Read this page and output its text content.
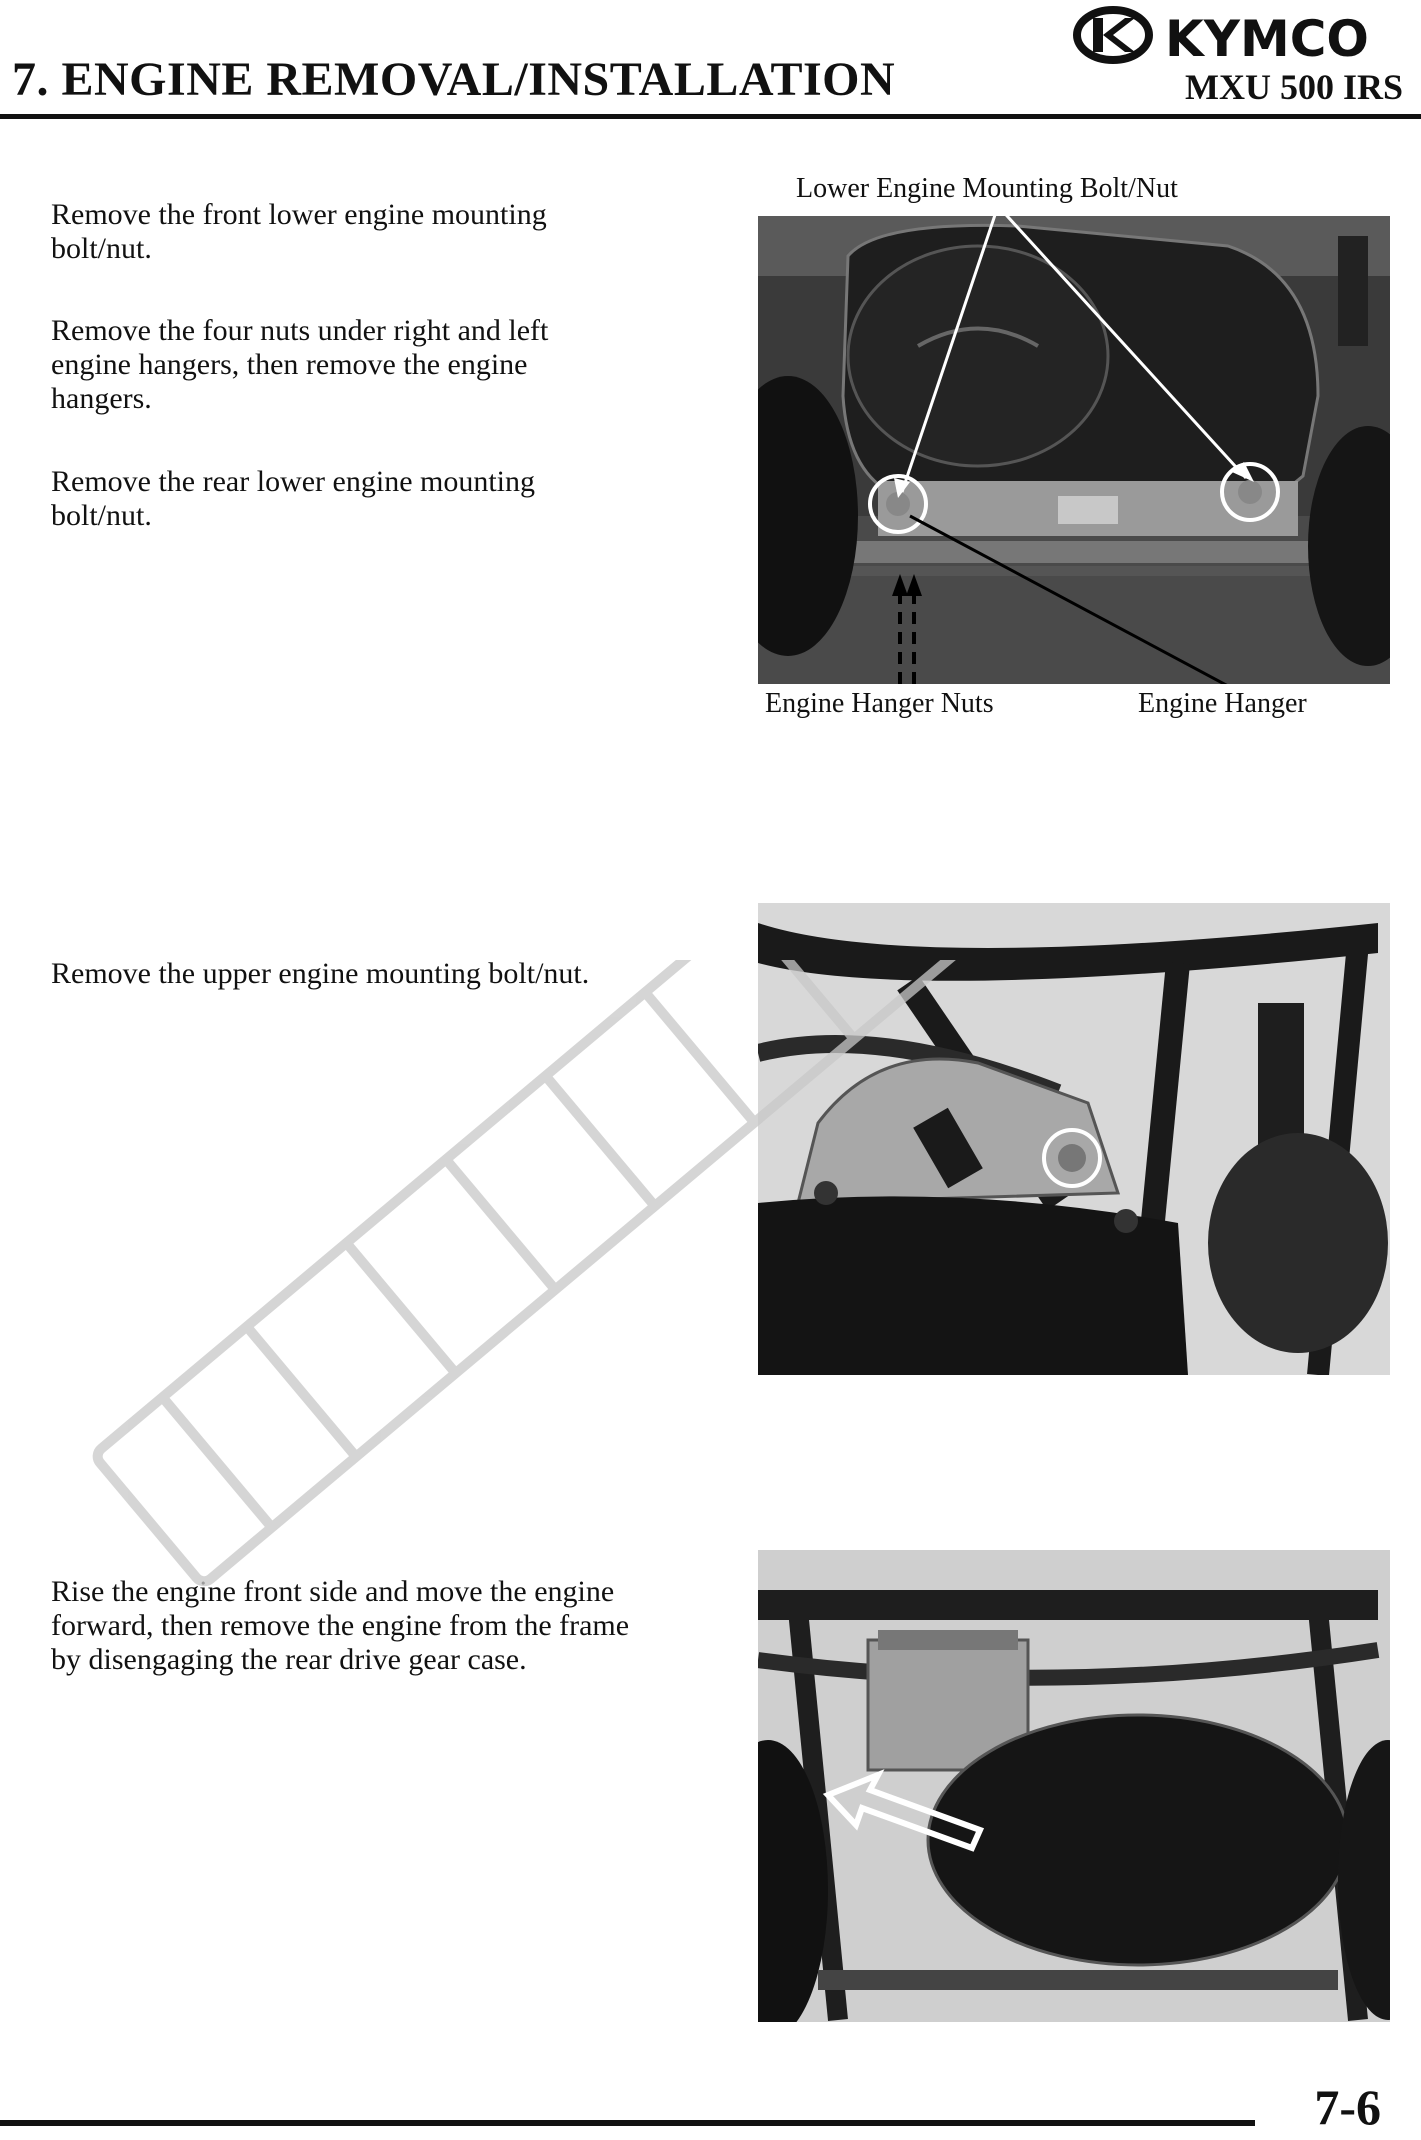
7. ENGINE REMOVAL/INSTALLATION
KYMCO
MXU 500 IRS
Remove the front lower engine mounting bolt/nut.
Remove the four nuts under right and left engine hangers, then remove the engine hangers.
Remove the rear lower engine mounting bolt/nut.
Remove the upper engine mounting bolt/nut.
Rise the engine front side and move the engine forward, then remove the engine from the frame by disengaging the rear drive gear case.
Lower Engine Mounting Bolt/Nut
Engine Hanger Nuts	Engine Hanger
7-6
